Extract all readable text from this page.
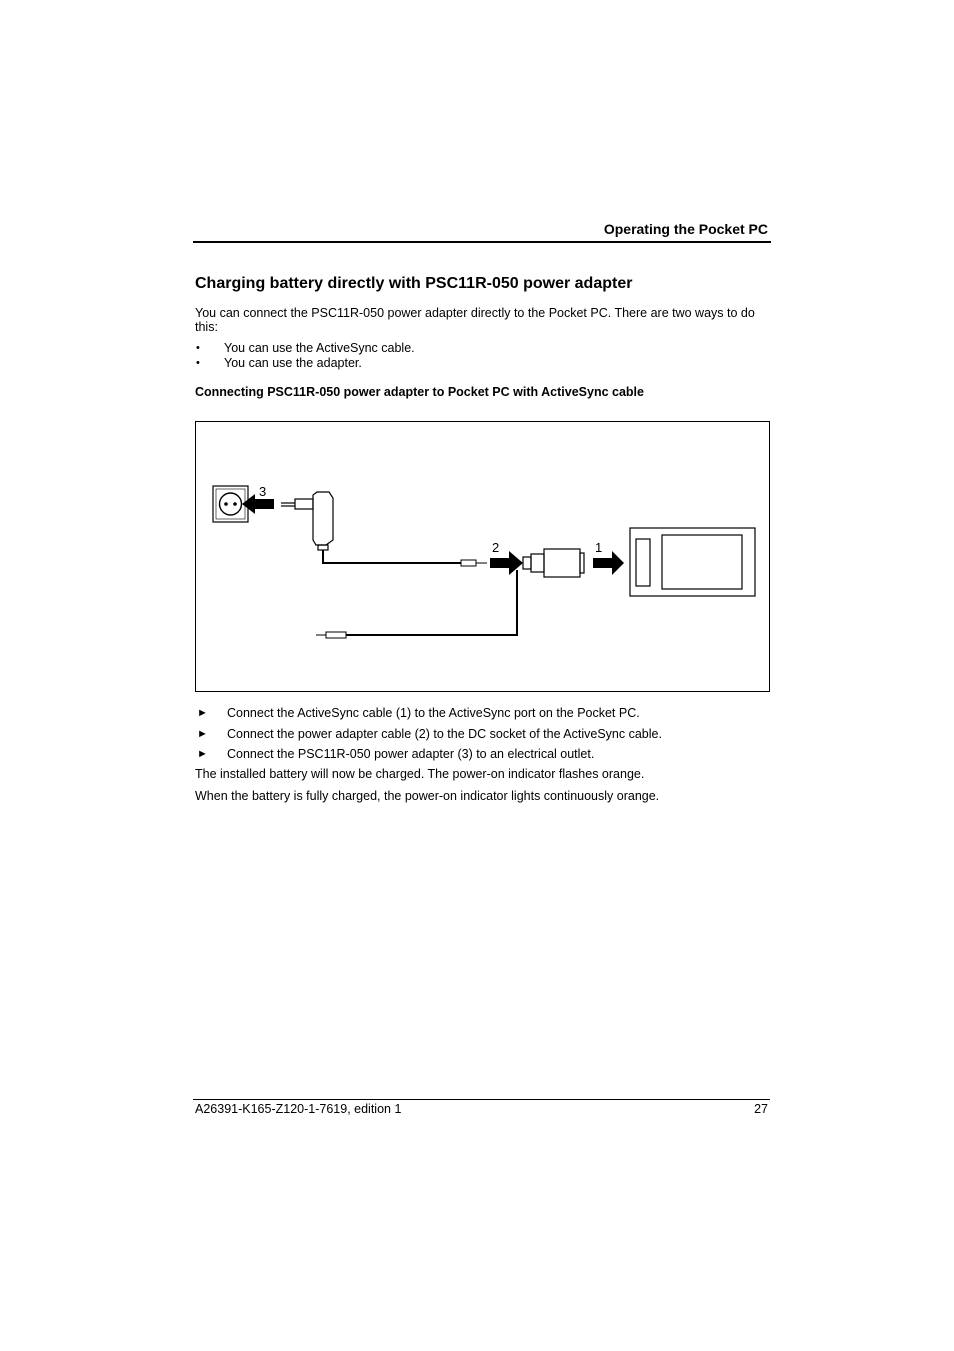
Operating the Pocket PC
Charging battery directly with PSC11R-050 power adapter
You can connect the PSC11R-050 power adapter directly to the Pocket PC. There are two ways to do this:
• You can use the ActiveSync cable.
• You can use the adapter.
Connecting PSC11R-050 power adapter to Pocket PC with ActiveSync cable
3
2	1
► Connect the ActiveSync cable (1) to the ActiveSync port on the Pocket PC.
► Connect the power adapter cable (2) to the DC socket of the ActiveSync cable.
► Connect the PSC11R-050 power adapter (3) to an electrical outlet.
The installed battery will now be charged. The power-on indicator flashes orange.
When the battery is fully charged, the power-on indicator lights continuously orange.
A26391-K165-Z120-1-7619, edition 1	27
